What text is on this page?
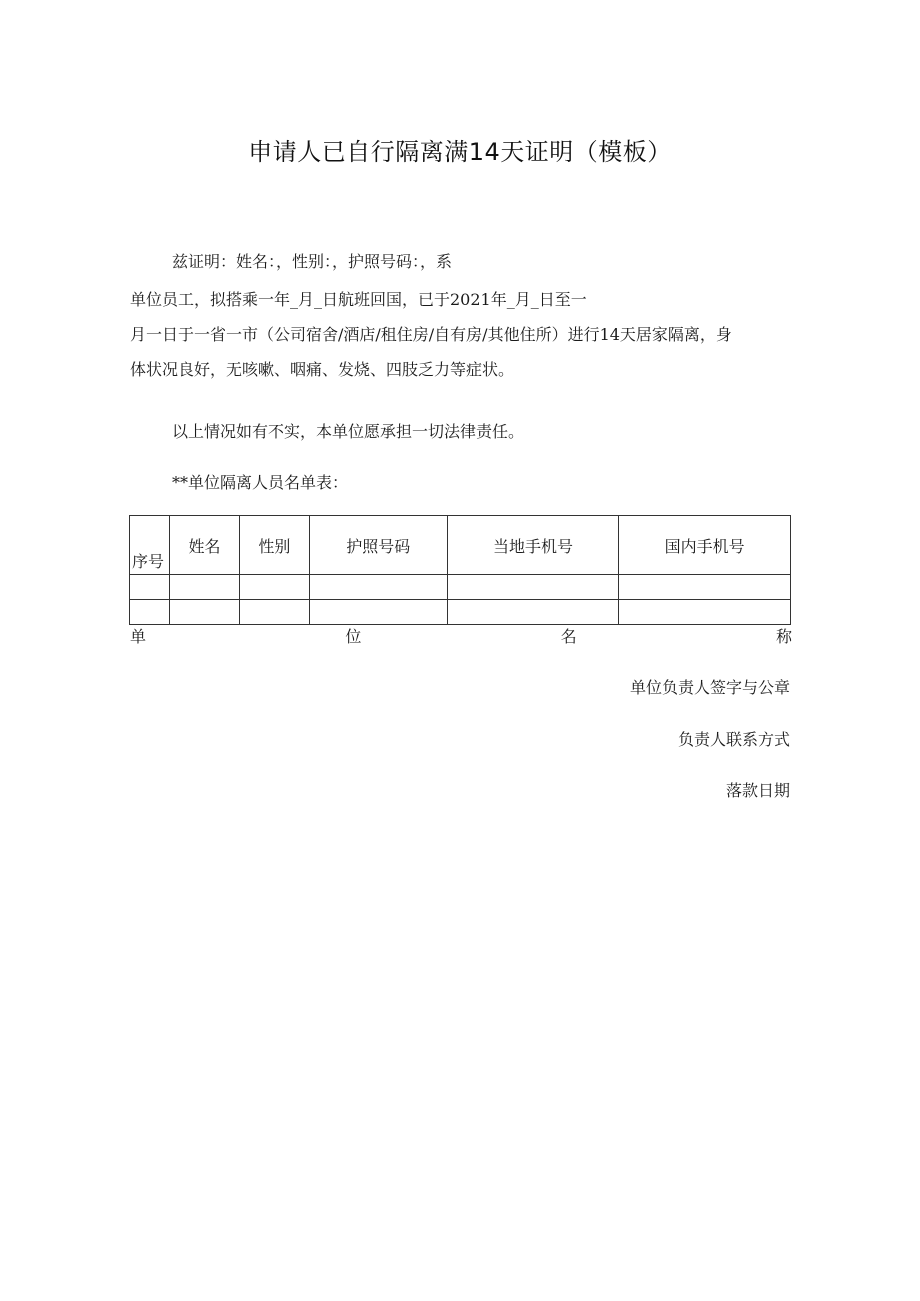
申请人已自行隔离满14天证明（模板）
兹证明：姓名：，性别：，护照号码：，系
单位员工，拟搭乘一年_月_日航班回国，已于2021年_月_日至一
月一日于一省一市（公司宿舍/酒店/租住房/自有房/其他住所）进行14天居家隔离，身
体状况良好，无咳嗽、咽痛、发烧、四肢乏力等症状。
以上情况如有不实，本单位愿承担一切法律责任。
**单位隔离人员名单表：
序号	姓名	性别	护照号码	当地手机号	国内手机号

单	位	名	称
单位负责人签字与公章
负责人联系方式
落款日期
